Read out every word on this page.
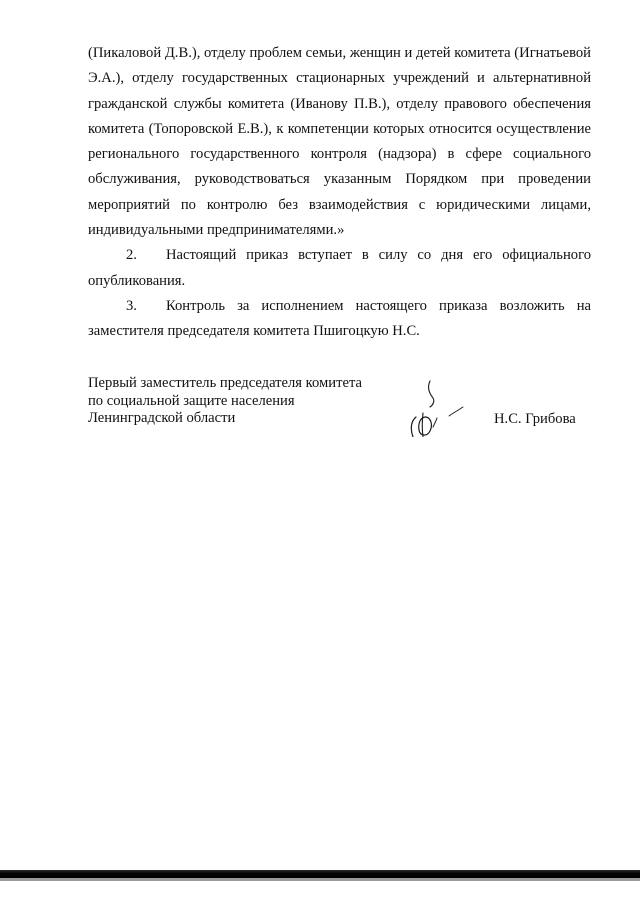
(Пикаловой Д.В.), отделу проблем семьи, женщин и детей комитета (Игнатьевой Э.А.), отделу государственных стационарных учреждений и альтернативной гражданской службы комитета (Иванову П.В.), отделу правового обеспечения комитета (Топоровской Е.В.), к компетенции которых относится осуществление регионального государственного контроля (надзора) в сфере социального обслуживания, руководствоваться указанным Порядком при проведении мероприятий по контролю без взаимодействия с юридическими лицами, индивидуальными предпринимателями.»

2. Настоящий приказ вступает в силу со дня его официального опубликования.

3. Контроль за исполнением настоящего приказа возложить на заместителя председателя комитета Пшигоцкую Н.С.

Первый заместитель председателя комитета
по социальной защите населения
Ленинградской области	Н.С. Грибова
